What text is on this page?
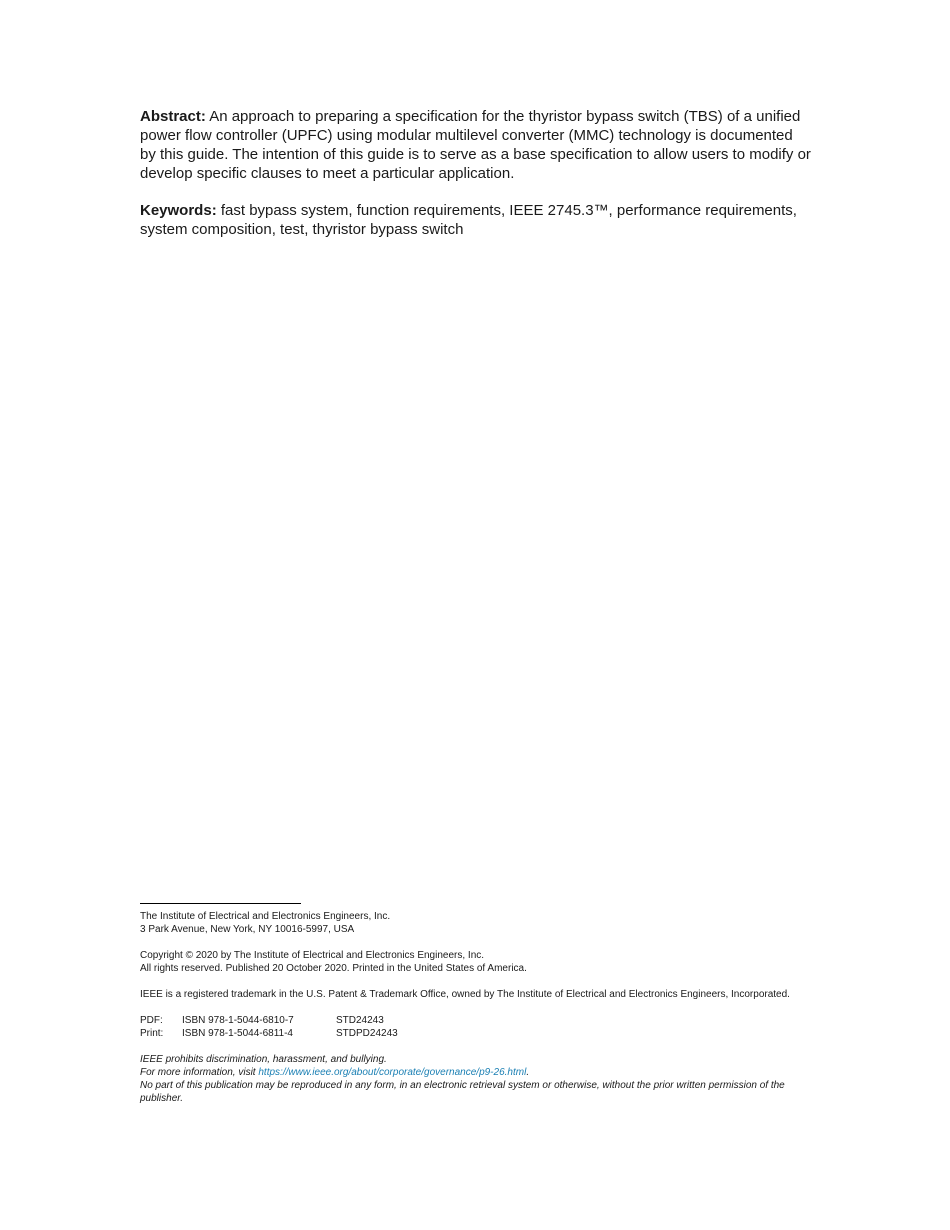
Abstract: An approach to preparing a specification for the thyristor bypass switch (TBS) of a unified power flow controller (UPFC) using modular multilevel converter (MMC) technology is documented by this guide. The intention of this guide is to serve as a base specification to allow users to modify or develop specific clauses to meet a particular application.

Keywords: fast bypass system, function requirements, IEEE 2745.3™, performance requirements, system composition, test, thyristor bypass switch

The Institute of Electrical and Electronics Engineers, Inc.

3 Park Avenue, New York, NY 10016-5997, USA

Copyright © 2020 by The Institute of Electrical and Electronics Engineers, Inc.

All rights reserved. Published 20 October 2020. Printed in the United States of America.

IEEE is a registered trademark in the U.S. Patent & Trademark Office, owned by The Institute of Electrical and Electronics Engineers, Incorporated.

PDF:	ISBN 978-1-5044-6810-7	STD24243
Print:	ISBN 978-1-5044-6811-4	STDPD24243

IEEE prohibits discrimination, harassment, and bullying.

For more information, visit https://www.ieee.org/about/corporate/governance/p9-26.html.

No part of this publication may be reproduced in any form, in an electronic retrieval system or otherwise, without the prior written permission of the publisher.
